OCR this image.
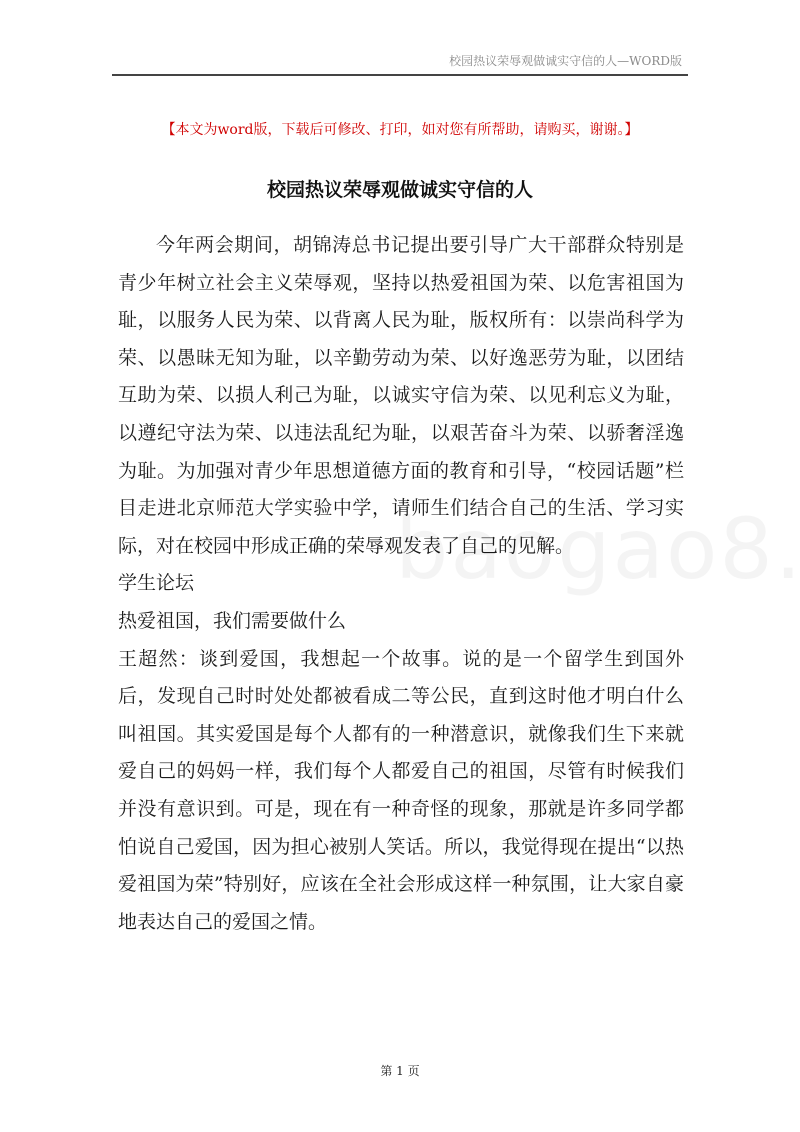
校园热议荣辱观做诚实守信的人—WORD版
【本文为word版，下载后可修改、打印，如对您有所帮助，请购买，谢谢。】
校园热议荣辱观做诚实守信的人

今年两会期间，胡锦涛总书记提出要引导广大干部群众特别是青少年树立社会主义荣辱观，坚持以热爱祖国为荣、以危害祖国为耻，以服务人民为荣、以背离人民为耻，版权所有：以崇尚科学为荣、以愚昧无知为耻，以辛勤劳动为荣、以好逸恶劳为耻，以团结互助为荣、以损人利己为耻，以诚实守信为荣、以见利忘义为耻，以遵纪守法为荣、以违法乱纪为耻，以艰苦奋斗为荣、以骄奢淫逸为耻。为加强对青少年思想道德方面的教育和引导，“校园话题”栏目走进北京师范大学实验中学，请师生们结合自己的生活、学习实际，对在校园中形成正确的荣辱观发表了自己的见解。

学生论坛

热爱祖国，我们需要做什么

王超然：谈到爱国，我想起一个故事。说的是一个留学生到国外后，发现自己时时处处都被看成二等公民，直到这时他才明白什么叫祖国。其实爱国是每个人都有的一种潜意识，就像我们生下来就爱自己的妈妈一样，我们每个人都爱自己的祖国，尽管有时候我们并没有意识到。可是，现在有一种奇怪的现象，那就是许多同学都怕说自己爱国，因为担心被别人笑话。所以，我觉得现在提出“以热爱祖国为荣”特别好，应该在全社会形成这样一种氛围，让大家自豪地表达自己的爱国之情。

第 1 页
